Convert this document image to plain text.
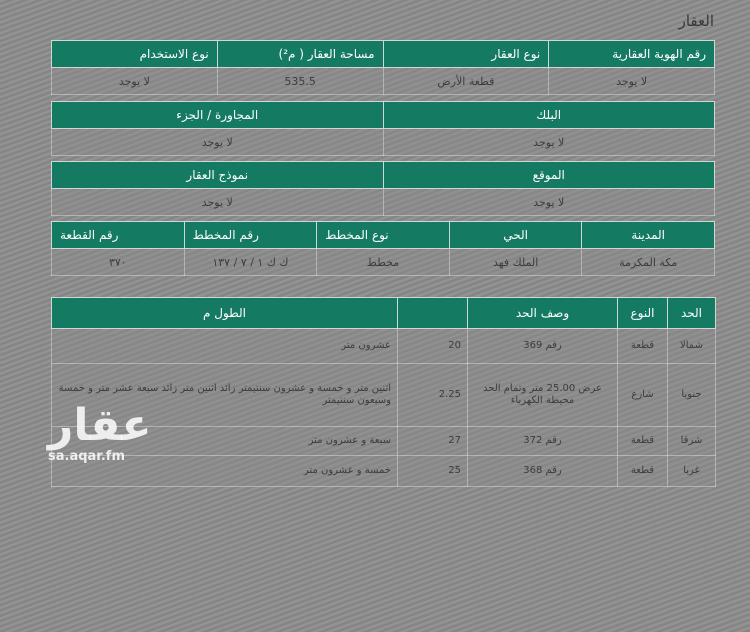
العقار
رقم الهوية العقارية	نوع العقار	مساحة العقار ( م²)	نوع الاستخدام
لا يوجد	قطعة الأرض	535.5	لا يوجد
البلك	المجاورة / الجزء
لا يوجد	لا يوجد
الموقع	نموذج العقار
لا يوجد	لا يوجد
المدينة	الحي	نوع المخطط	رقم المخطط	رقم القطعة
مكة المكرمة	الملك فهد	مخطط	ك ك ١ / ٧ / ١٣٧	٣٧٠
الحد	النوع	وصف الحد		الطول م
شمالا	قطعة	رقم 369	20	عشرون متر
جنوبا	شارع	عرض 25.00 متر وتمام الحد محيطة الكهرباء	2.25	اثنين متر و خمسة و عشرون سنتيمتر زائد اثنين متر زائد سبعة عشر متر و خمسة وسبعون سنتيمتر
شرقا	قطعة	رقم 372	27	سبعة و عشرون متر
غربا	قطعة	رقم 368	25	خمسة و عشرون متر
عقار
sa.aqar.fm
